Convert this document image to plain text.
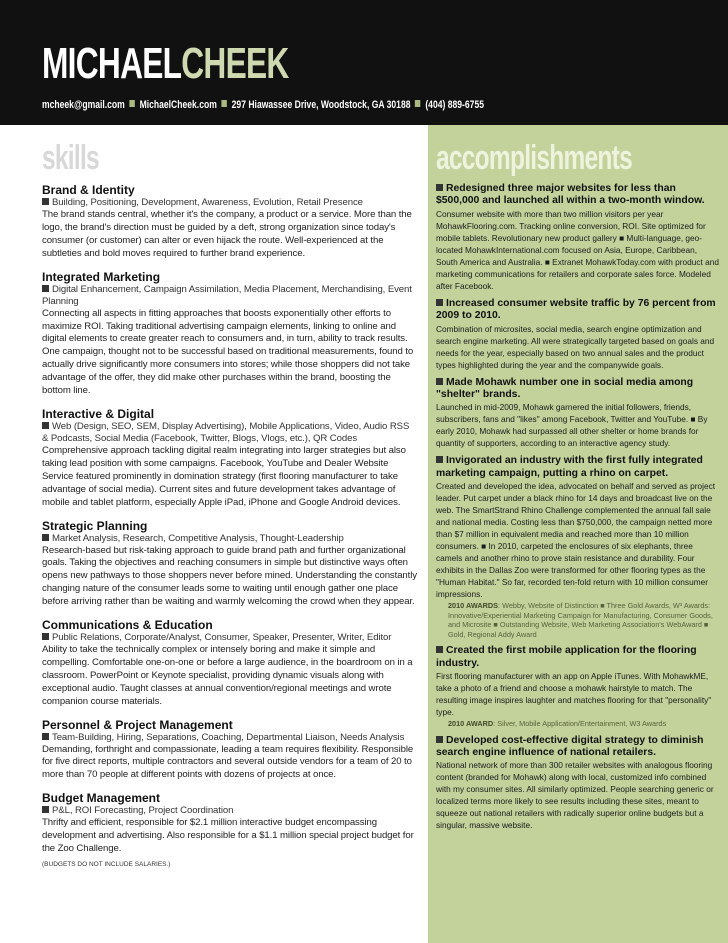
MICHAELCHEEK
mcheek@gmail.com MichaelCheek.com 297 Hiawassee Drive, Woodstock, GA 30188 (404) 889-6755
skills	accomplishments
Brand & Identity
Building, Positioning, Development, Awareness, Evolution, Retail Presence

The brand stands central, whether it's the company, a product or a service. More than the logo, the brand's direction must be guided by a deft, strong organization since today's consumer (or customer) can alter or even hijack the route. Well-experienced at the subtleties and bold moves required to further brand experience.

Integrated Marketing
Digital Enhancement, Campaign Assimilation, Media Placement, Merchandising, Event Planning

Connecting all aspects in fitting approaches that boosts exponentially other efforts to maximize ROI. Taking traditional advertising campaign elements, linking to online and digital elements to create greater reach to consumers and, in turn, ability to track results. One campaign, thought not to be successful based on traditional measurements, found to actually drive significantly more consumers into stores; while those shoppers did not take advantage of the offer, they did make other purchases within the brand, boosting the bottom line.

Interactive & Digital
Web (Design, SEO, SEM, Display Advertising), Mobile Applications, Video, Audio RSS & Podcasts, Social Media (Facebook, Twitter, Blogs, Vlogs, etc.), QR Codes

Comprehensive approach tackling digital realm integrating into larger strategies but also taking lead position with some campaigns. Facebook, YouTube and Dealer Website Service featured prominently in domination strategy (first flooring manufacturer to take advantage of social media). Current sites and future development takes advantage of mobile and tablet platform, especially Apple iPad, iPhone and Google Android devices.

Strategic Planning
Market Analysis, Research, Competitive Analysis, Thought-Leadership

Research-based but risk-taking approach to guide brand path and further organizational goals. Taking the objectives and reaching consumers in simple but distinctive ways often opens new pathways to those shoppers never before mined. Understanding the constantly changing nature of the consumer leads some to waiting until enough gather one place before arriving rather than be waiting and warmly welcoming the crowd when they appear.

Communications & Education
Public Relations, Corporate/Analyst, Consumer, Speaker, Presenter, Writer, Editor

Ability to take the technically complex or intensely boring and make it simple and compelling. Comfortable one-on-one or before a large audience, in the boardroom on in a classroom. PowerPoint or Keynote specialist, providing dynamic visuals along with exceptional audio. Taught classes at annual convention/regional meetings and wrote companion course materials.

Personnel & Project Management
Team-Building, Hiring, Separations, Coaching, Departmental Liaison, Needs Analysis

Demanding, forthright and compassionate, leading a team requires flexibility. Responsible for five direct reports, multiple contractors and several outside vendors for a team of 20 to more than 70 people at different points with dozens of projects at once.

Budget Management
P&L, ROI Forecasting, Project Coordination

Thrifty and efficient, responsible for $2.1 million interactive budget encompassing development and advertising. Also responsible for a $1.1 million special project budget for the Zoo Challenge.

(BUDGETS DO NOT INCLUDE SALARIES.)
Redesigned three major websites for less than $500,000 and launched all within a two-month window.
Consumer website with more than two million visitors per year MohawkFlooring.com. Tracking online conversion, ROI. Site optimized for mobile tablets. Revolutionary new product gallery ■ Multi-language, geo-located MohawkInternational.com focused on Asia, Europe, Caribbean, South America and Australia. ■ Extranet MohawkToday.com with product and marketing communications for retailers and corporate sales force. Modeled after Facebook.
Increased consumer website traffic by 76 percent from 2009 to 2010.
Combination of microsites, social media, search engine optimization and search engine marketing. All were strategically targeted based on goals and needs for the year, especially based on two annual sales and the product types highlighted during the year and the companywide goals.
Made Mohawk number one in social media among "shelter" brands.
Launched in mid-2009, Mohawk garnered the initial followers, friends, subscribers, fans and "likes" among Facebook, Twitter and YouTube. ■ By early 2010, Mohawk had surpassed all other shelter or home brands for quantity of supporters, according to an interactive agency study.
Invigorated an industry with the first fully integrated marketing campaign, putting a rhino on carpet.
Created and developed the idea, advocated on behalf and served as project leader. Put carpet under a black rhino for 14 days and broadcast live on the web. The SmartStrand Rhino Challenge complemented the annual fall sale and national media. Costing less than $750,000, the campaign netted more than $7 million in equivalent media and reached more than 10 million consumers. ■ In 2010, carpeted the enclosures of six elephants, three camels and another rhino to prove stain resistance and durability. Four exhibits in the Dallas Zoo were transformed for other flooring types as the "Human Habitat." So far, recorded ten-fold return with 10 million consumer impressions.
2010 AWARDS: Webby, Website of Distinction ■ Three Gold Awards, W³ Awards: Innovative/Experiential Marketing Campaign for Manufacturing, Consumer Goods, and Microsite ■ Outstanding Website, Web Marketing Association's WebAward ■ Gold, Regional Addy Award
Created the first mobile application for the flooring industry.
First flooring manufacturer with an app on Apple iTunes. With MohawkME, take a photo of a friend and choose a mohawk hairstyle to match. The resulting image inspires laughter and matches flooring for that "personality" type.
2010 AWARD: Silver, Mobile Application/Entertainment, W3 Awards
Developed cost-effective digital strategy to diminish search engine influence of national retailers.
National network of more than 300 retailer websites with analogous flooring content (branded for Mohawk) along with local, customized info combined with my consumer sites. All similarly optimized. People searching generic or localized terms more likely to see results including these sites, meant to squeeze out national retailers with radically superior online budgets but a singular, massive website.
